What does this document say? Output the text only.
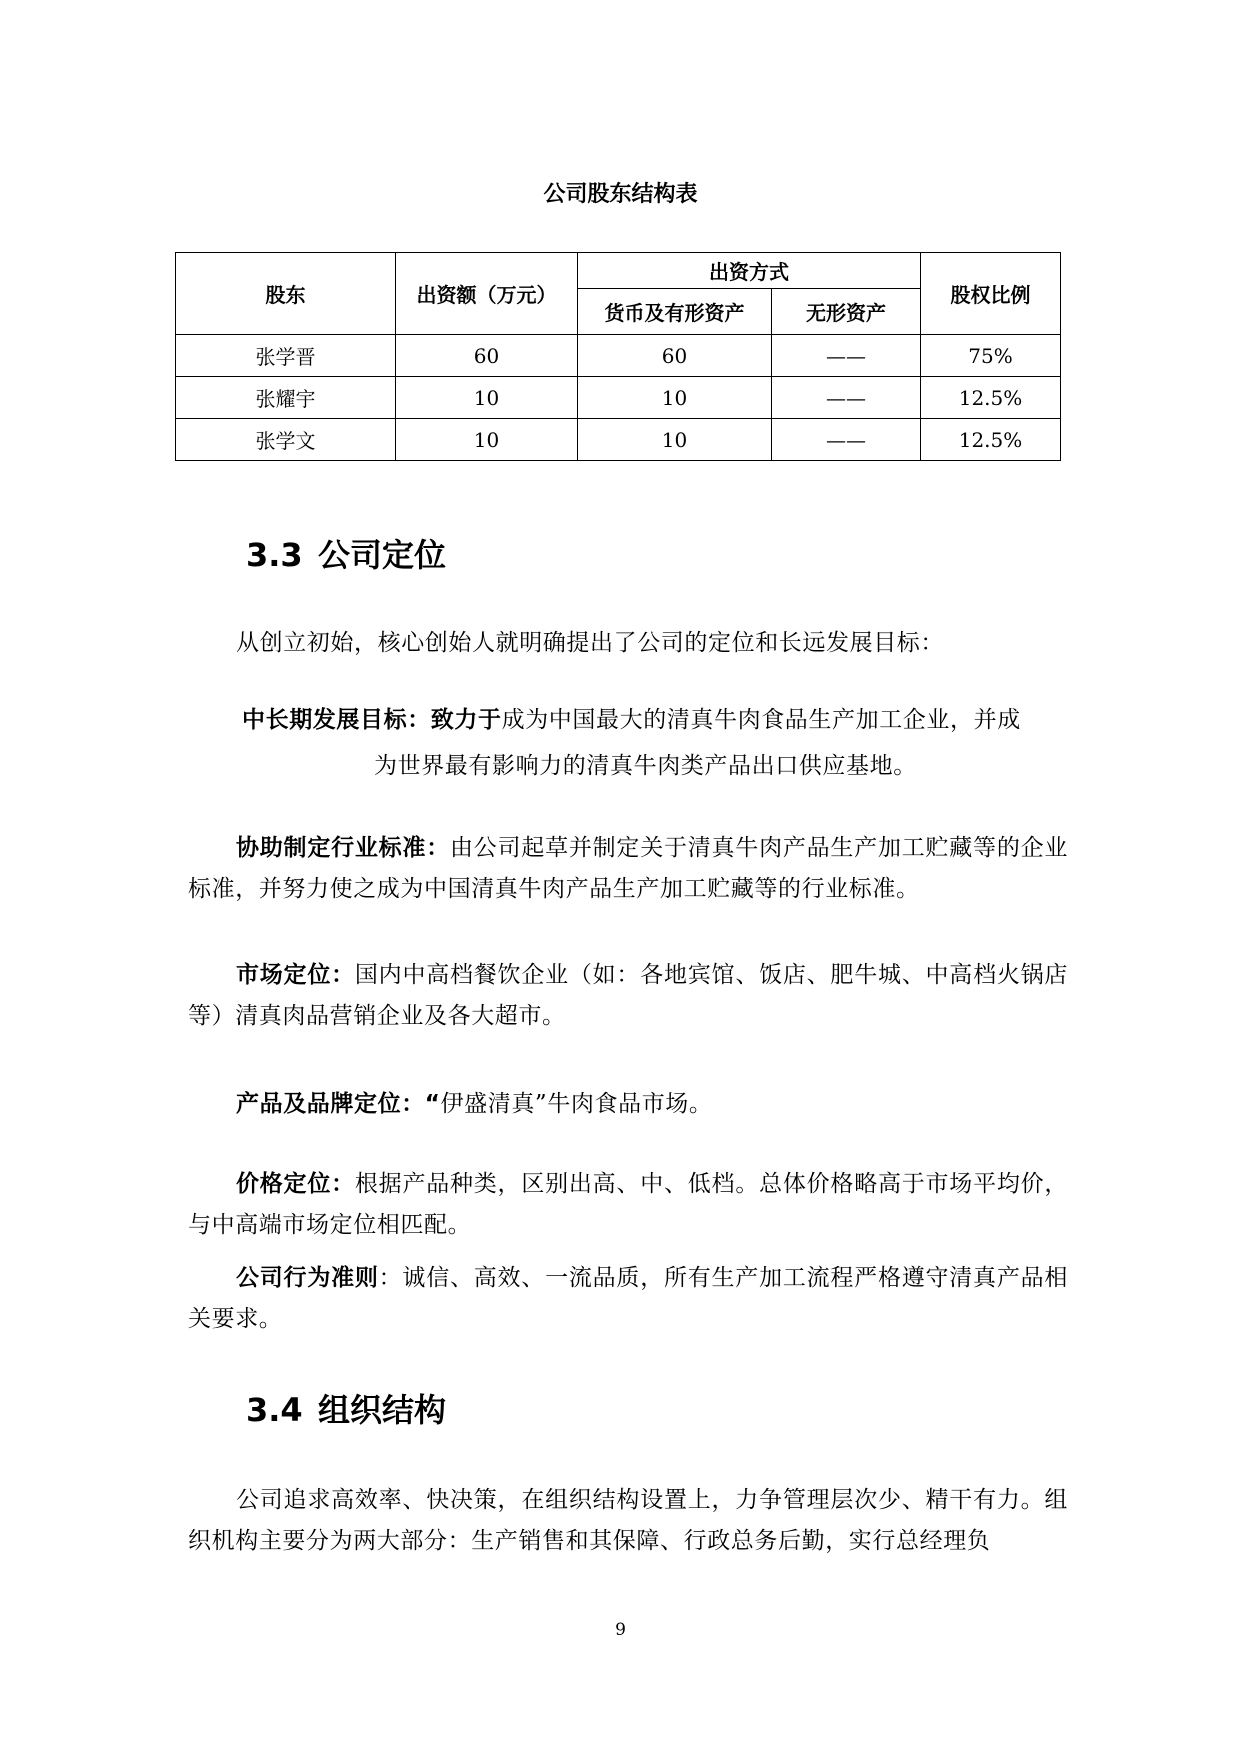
公司股东结构表
股东	出资额（万元）	出资方式		股权比例
		货币及有形资产	无形资产	
张学晋	60	60	——	75%
张耀宇	10	10	——	12.5%
张学文	10	10	——	12.5%
3.3 公司定位
从创立初始，核心创始人就明确提出了公司的定位和长远发展目标：
中长期发展目标：致力于成为中国最大的清真牛肉食品生产加工企业，并成
为世界最有影响力的清真牛肉类产品出口供应基地。
协助制定行业标准：由公司起草并制定关于清真牛肉产品生产加工贮藏等的企业标准，并努力使之成为中国清真牛肉产品生产加工贮藏等的行业标准。
市场定位：国内中高档餐饮企业（如：各地宾馆、饭店、肥牛城、中高档火锅店等）清真肉品营销企业及各大超市。
产品及品牌定位：“伊盛清真”牛肉食品市场。
价格定位：根据产品种类，区别出高、中、低档。总体价格略高于市场平均价，与中高端市场定位相匹配。
公司行为准则：诚信、高效、一流品质，所有生产加工流程严格遵守清真产品相关要求。
3.4 组织结构
公司追求高效率、快决策，在组织结构设置上，力争管理层次少、精干有力。组织机构主要分为两大部分：生产销售和其保障、行政总务后勤，实行总经理负
9
